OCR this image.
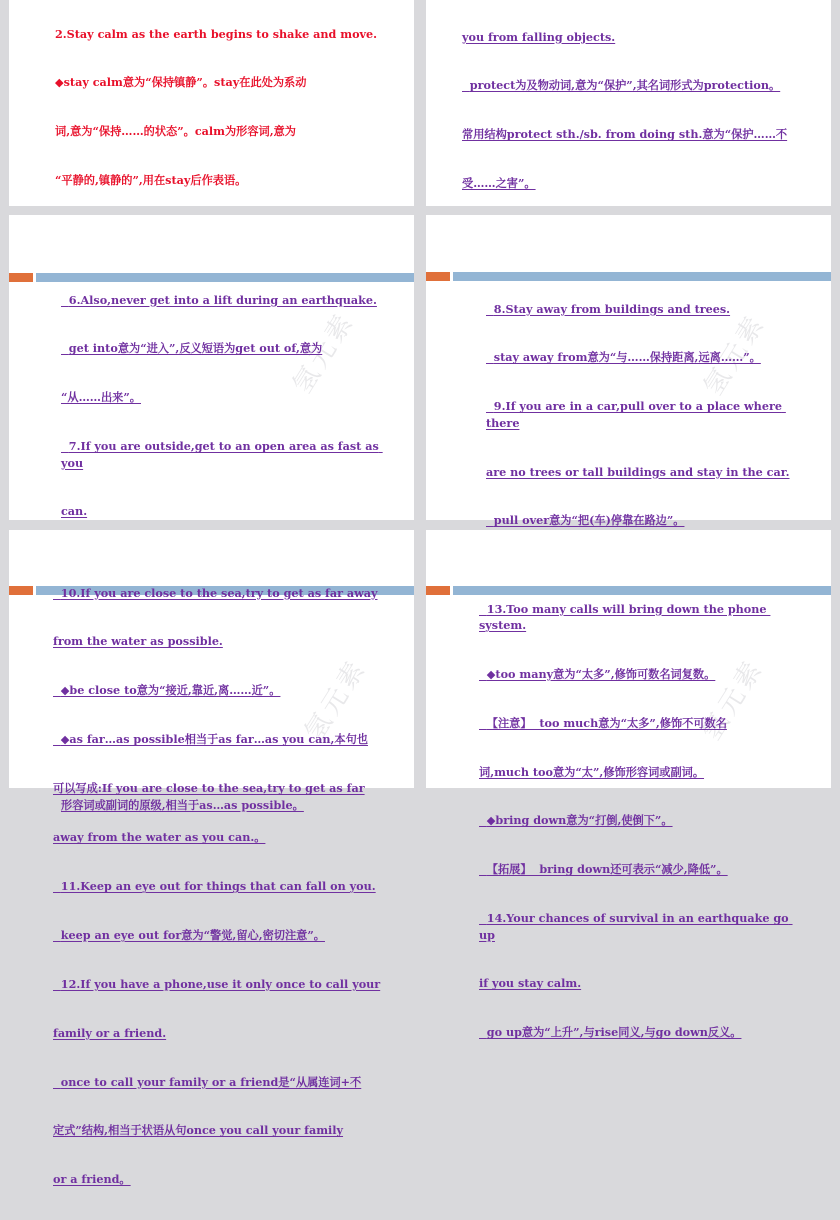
2.Stay calm as the earth begins to shake and move.

◆stay calm意为“保持镇静”。stay在此处为系动

词,意为“保持……的状态”。calm为形容词,意为

“平静的,镇静的”,用在stay后作表语。

you from falling objects.

protect为及物动词,意为“保护”,其名词形式为protection。

常用结构protect sth./sb. from doing sth.意为“保护……不

受……之害”。

氢元素

6.Also,never get into a lift during an earthquake.

get into意为“进入”,反义短语为get out of,意为

“从……出来”。

7.If you are outside,get to an open area as fast as you

can.

形容词或副词的原级,相当于as…as possible。

氢元素

8.Stay away from buildings and trees.

stay away from意为“与……保持距离,远离……”。

9.If you are in a car,pull over to a place where there

are no trees or tall buildings and stay in the car.

pull over意为“把(车)停靠在路边”。

氢元素

10.If you are close to the sea,try to get as far away

from the water as possible.

◆be close to意为“接近,靠近,离……近”。

◆as far…as possible相当于as far…as you can,本句也

可以写成:If you are close to the sea,try to get as far

away from the water as you can.。

11.Keep an eye out for things that can fall on you.

keep an eye out for意为“警觉,留心,密切注意”。

12.If you have a phone,use it only once to call your

family or a friend.

once to call your family or a friend是“从属连词+不

定式”结构,相当于状语从句once you call your family

or a friend。

氢元素

13.Too many calls will bring down the phone system.

◆too many意为“太多”,修饰可数名词复数。

【注意】  too much意为“太多”,修饰不可数名

词,much too意为“太”,修饰形容词或副词。

◆bring down意为“打倒,使倒下”。

【拓展】  bring down还可表示“减少,降低”。

14.Your chances of survival in an earthquake go up

if you stay calm.

go up意为“上升”,与rise同义,与go down反义。
